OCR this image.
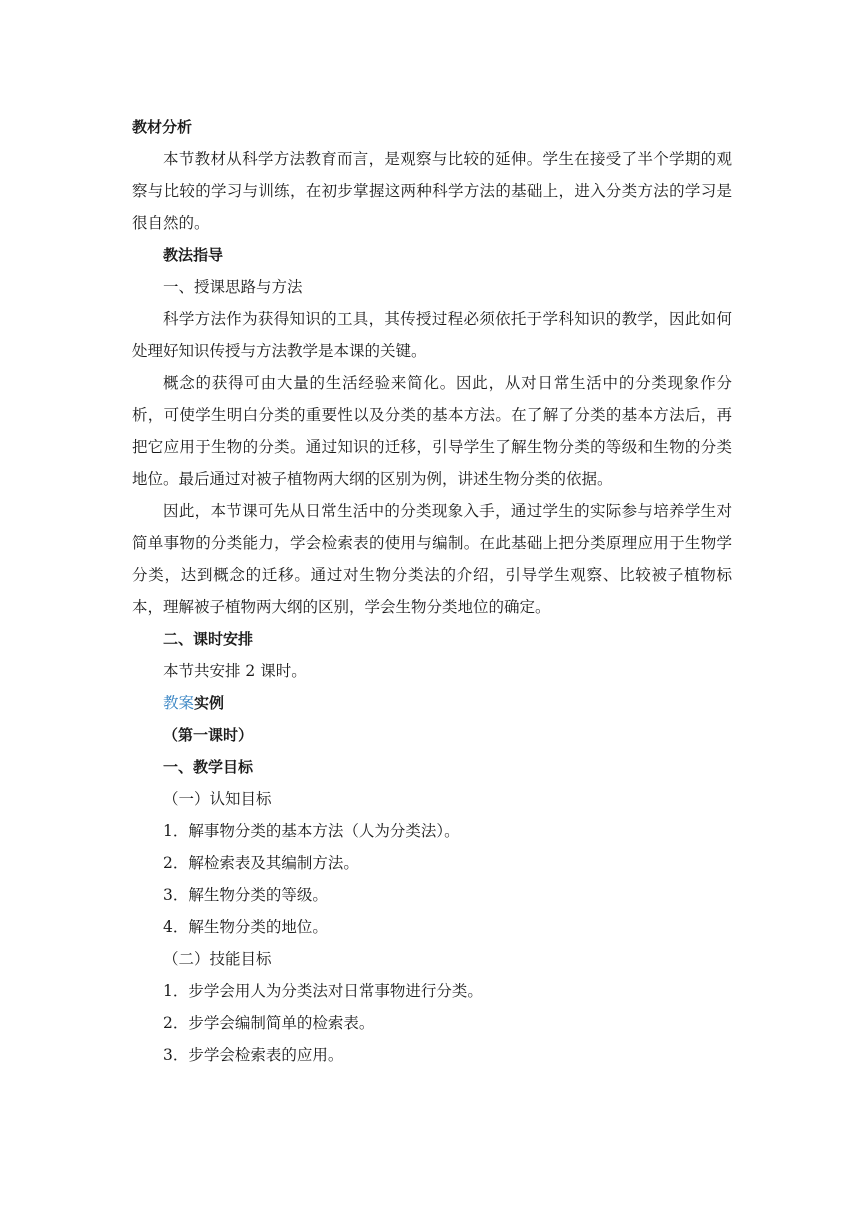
教材分析

本节教材从科学方法教育而言，是观察与比较的延伸。学生在接受了半个学期的观察与比较的学习与训练，在初步掌握这两种科学方法的基础上，进入分类方法的学习是很自然的。

教法指导
一、授课思路与方法

科学方法作为获得知识的工具，其传授过程必须依托于学科知识的教学，因此如何处理好知识传授与方法教学是本课的关键。

概念的获得可由大量的生活经验来简化。因此，从对日常生活中的分类现象作分析，可使学生明白分类的重要性以及分类的基本方法。在了解了分类的基本方法后，再把它应用于生物的分类。通过知识的迁移，引导学生了解生物分类的等级和生物的分类地位。最后通过对被子植物两大纲的区别为例，讲述生物分类的依据。

因此，本节课可先从日常生活中的分类现象入手，通过学生的实际参与培养学生对简单事物的分类能力，学会检索表的使用与编制。在此基础上把分类原理应用于生物学分类，达到概念的迁移。通过对生物分类法的介绍，引导学生观察、比较被子植物标本，理解被子植物两大纲的区别，学会生物分类地位的确定。

二、课时安排
本节共安排 2 课时。
教案实例
（第一课时）
一、教学目标
（一）认知目标
1．解事物分类的基本方法（人为分类法）。
2．解检索表及其编制方法。
3．解生物分类的等级。
4．解生物分类的地位。
（二）技能目标
1．步学会用人为分类法对日常事物进行分类。
2．步学会编制简单的检索表。
3．步学会检索表的应用。
